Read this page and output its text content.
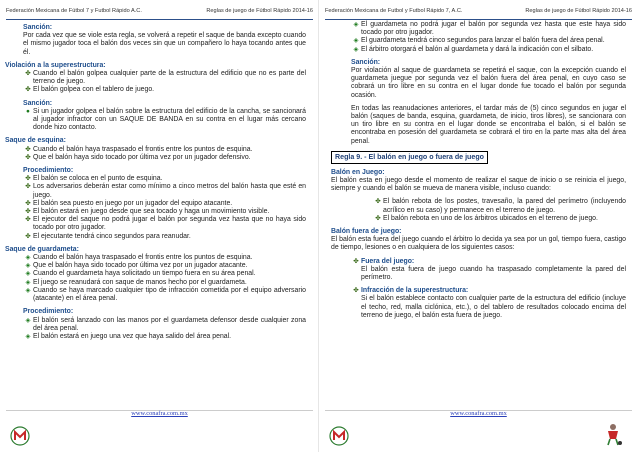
Federación Mexicana de Fútbol 7 y Futbol Rápido A.C.	Reglas de juego de Fútbol Rápido 2014-16

Sanción:

Por cada vez que se viole esta regla, se volverá a repetir el saque de banda excepto cuando el mismo jugador toca el balón dos veces sin que un compañero lo haya tocando antes que él.

Violación a la superestructura:

✤ Cuando el balón golpea cualquier parte de la estructura del edificio que no es parte del terreno de juego.
✤ El balón golpea con el tablero de juego.

Sanción:

● Si un jugador golpea el balón sobre la estructura del edificio de la cancha, se sancionará al jugador infractor con un SAQUE DE BANDA en su contra en el lugar más cercano donde hizo contacto.

Saque de esquina:

✤ Cuando el balón haya traspasado el frontis entre los puntos de esquina.
✤ Que el balón haya sido tocado por última vez por un jugador defensivo.

Procedimiento:

✤ El balón se coloca en el punto de esquina.
✤ Los adversarios deberán estar como mínimo a cinco metros del balón hasta que esté en juego.
✤ El balón sea puesto en juego por un jugador del equipo atacante.
✤ El balón estará en juego desde que sea tocado y haga un movimiento visible.
✤ El ejecutor del saque no podrá jugar el balón por segunda vez hasta que no haya sido tocado por otro jugador.
✤ El ejecutante tendrá cinco segundos para reanudar.

Saque de guardameta:

◈ Cuando el balón haya traspasado el frontis entre los puntos de esquina.
◈ Que el balón haya sido tocado por última vez por un jugador atacante.
◈ Cuando el guardameta haya solicitado un tiempo fuera en su área penal.
◈ El juego se reanudará con saque de manos hecho por el guardameta.
◈ Cuando se haya marcado cualquier tipo de infracción cometida por el equipo adversario (atacante) en el área penal.

Procedimiento:

◈ El balón será lanzado con las manos por el guardameta defensor desde cualquier zona del área penal.
◈ El balón estará en juego una vez que haya salido del área penal.
www.conafra.com.mx
Federación Mexicana de Futbol y Futbol Rápido 7, A.C.	Reglas de juego de Fútbol Rápido 2014-16
◈ El guardameta no podrá jugar el balón por segunda vez hasta que este haya sido tocado por otro jugador.
◈ El guardameta tendrá cinco segundos para lanzar el balón fuera del área penal.
◈ El árbitro otorgará el balón al guardameta y dará la indicación con el silbato.

Sanción:

Por violación al saque de guardameta se repetirá el saque, con la excepción cuando el guardameta juegue por segunda vez el balón fuera del área penal, en cuyo caso se cobrará un tiro libre en su contra en el lugar donde fue tocado el balón por segunda ocasión.

En todas las reanudaciones anteriores, el tardar más de (5) cinco segundos en jugar el balón (saques de banda, esquina, guardameta, de inicio, tiros libres), se sancionara con un tiro libre en su contra en el lugar donde se encontraba el balón, si el balón se encontraba en posesión del guardameta se cobrará el tiro en la parte mas alta del área penal.

Regla 9. - El balón en juego o fuera de juego

Balón en Juego:

El balón esta en juego desde el momento de realizar el saque de inicio o se reinicia el juego, siempre y cuando el balón se mueva de manera visible, incluso cuando:

✤ El balón rebota de los postes, travesaño, la pared del perímetro (incluyendo acrílico en su caso) y permanece en el terreno de juego.
✤ El balón rebota en uno de los árbitros ubicados en el terreno de juego.

Balón fuera de juego:

El balón esta fuera del juego cuando el árbitro lo decida ya sea por un gol, tiempo fuera, castigo de tiempo, lesiones o en cualquiera de los siguientes casos:

✤ Fuera del juego:

El balón esta fuera de juego cuando ha traspasado completamente la pared del perímetro.

✤ Infracción de la superestructura:

Si el balón establece contacto con cualquier parte de la estructura del edificio (incluye el techo, red, malla ciclónica, etc.), o del tablero de resultados colocado encima del terreno de juego, el balón esta fuera de juego.

www.conafra.com.mx
